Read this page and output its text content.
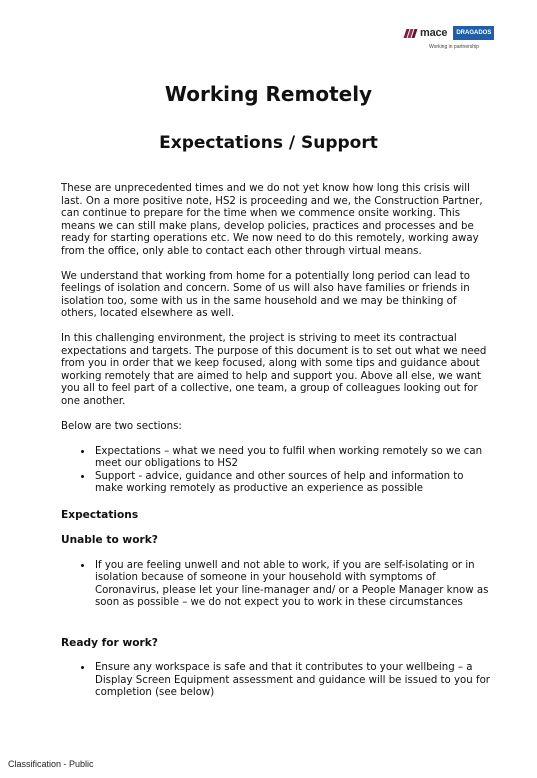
mace	DRAGADOS
Working in partnership
Working Remotely
Expectations / Support

These are unprecedented times and we do not yet know how long this crisis will last. On a more positive note, HS2 is proceeding and we, the Construction Partner, can continue to prepare for the time when we commence onsite working. This means we can still make plans, develop policies, practices and processes and be ready for starting operations etc. We now need to do this remotely, working away from the office, only able to contact each other through virtual means.

We understand that working from home for a potentially long period can lead to feelings of isolation and concern. Some of us will also have families or friends in isolation too, some with us in the same household and we may be thinking of others, located elsewhere as well.

In this challenging environment, the project is striving to meet its contractual expectations and targets. The purpose of this document is to set out what we need from you in order that we keep focused, along with some tips and guidance about working remotely that are aimed to help and support you. Above all else, we want you all to feel part of a collective, one team, a group of colleagues looking out for one another.

Below are two sections:

• Expectations – what we need you to fulfil when working remotely so we can meet our obligations to HS2
• Support - advice, guidance and other sources of help and information to make working remotely as productive an experience as possible
Expectations
Unable to work?
• If you are feeling unwell and not able to work, if you are self-isolating or in isolation because of someone in your household with symptoms of Coronavirus, please let your line-manager and/ or a People Manager know as soon as possible – we do not expect you to work in these circumstances
Ready for work?
• Ensure any workspace is safe and that it contributes to your wellbeing – a Display Screen Equipment assessment and guidance will be issued to you for completion (see below)
Classification - Public
